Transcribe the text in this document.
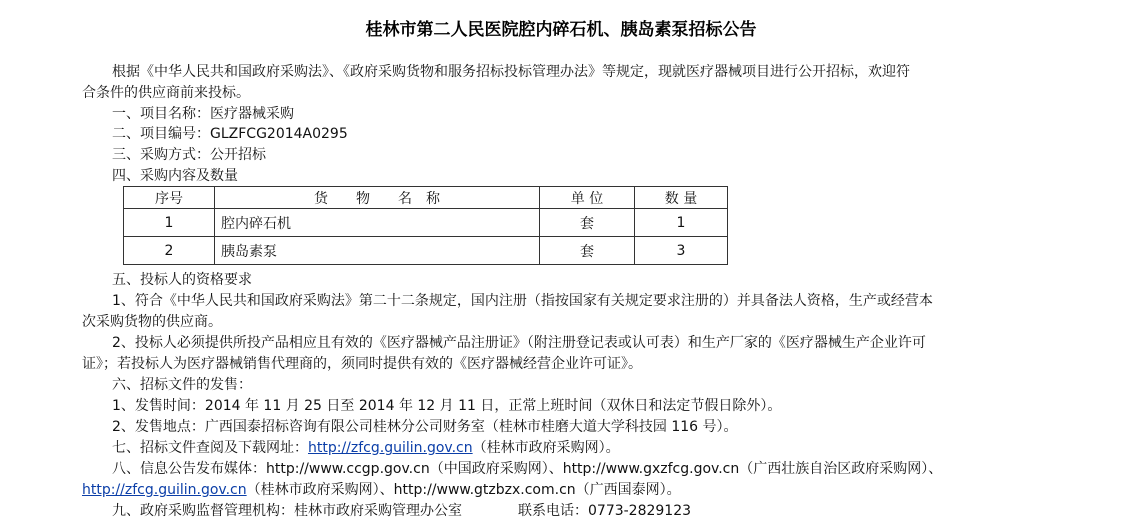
桂林市第二人民医院腔内碎石机、胰岛素泵招标公告
根据《中华人民共和国政府采购法》、《政府采购货物和服务招标投标管理办法》等规定，现就医疗器械项目进行公开招标，欢迎符
合条件的供应商前来投标。
一、项目名称：医疗器械采购
二、项目编号：GLZFCG2014A0295
三、采购方式：公开招标
四、采购内容及数量
序号	货　　物　　名　称	单 位	数 量
1	腔内碎石机	套	1
2	胰岛素泵	套	3
五、投标人的资格要求
1、符合《中华人民共和国政府采购法》第二十二条规定，国内注册（指按国家有关规定要求注册的）并具备法人资格，生产或经营本
次采购货物的供应商。
2、投标人必须提供所投产品相应且有效的《医疗器械产品注册证》（附注册登记表或认可表）和生产厂家的《医疗器械生产企业许可
证》；若投标人为医疗器械销售代理商的，须同时提供有效的《医疗器械经营企业许可证》。
六、招标文件的发售：
1、发售时间：2014 年 11 月 25 日至 2014 年 12 月 11 日，正常上班时间（双休日和法定节假日除外）。
2、发售地点：广西国泰招标咨询有限公司桂林分公司财务室（桂林市桂磨大道大学科技园 116 号）。
七、招标文件查阅及下载网址：http://zfcg.guilin.gov.cn（桂林市政府采购网）。
八、信息公告发布媒体：http://www.ccgp.gov.cn（中国政府采购网）、http://www.gxzfcg.gov.cn（广西壮族自治区政府采购网）、
http://zfcg.guilin.gov.cn（桂林市政府采购网）、http://www.gtzbzx.com.cn（广西国泰网）。
九、政府采购监督管理机构：桂林市政府采购管理办公室	联系电话：0773-2829123
